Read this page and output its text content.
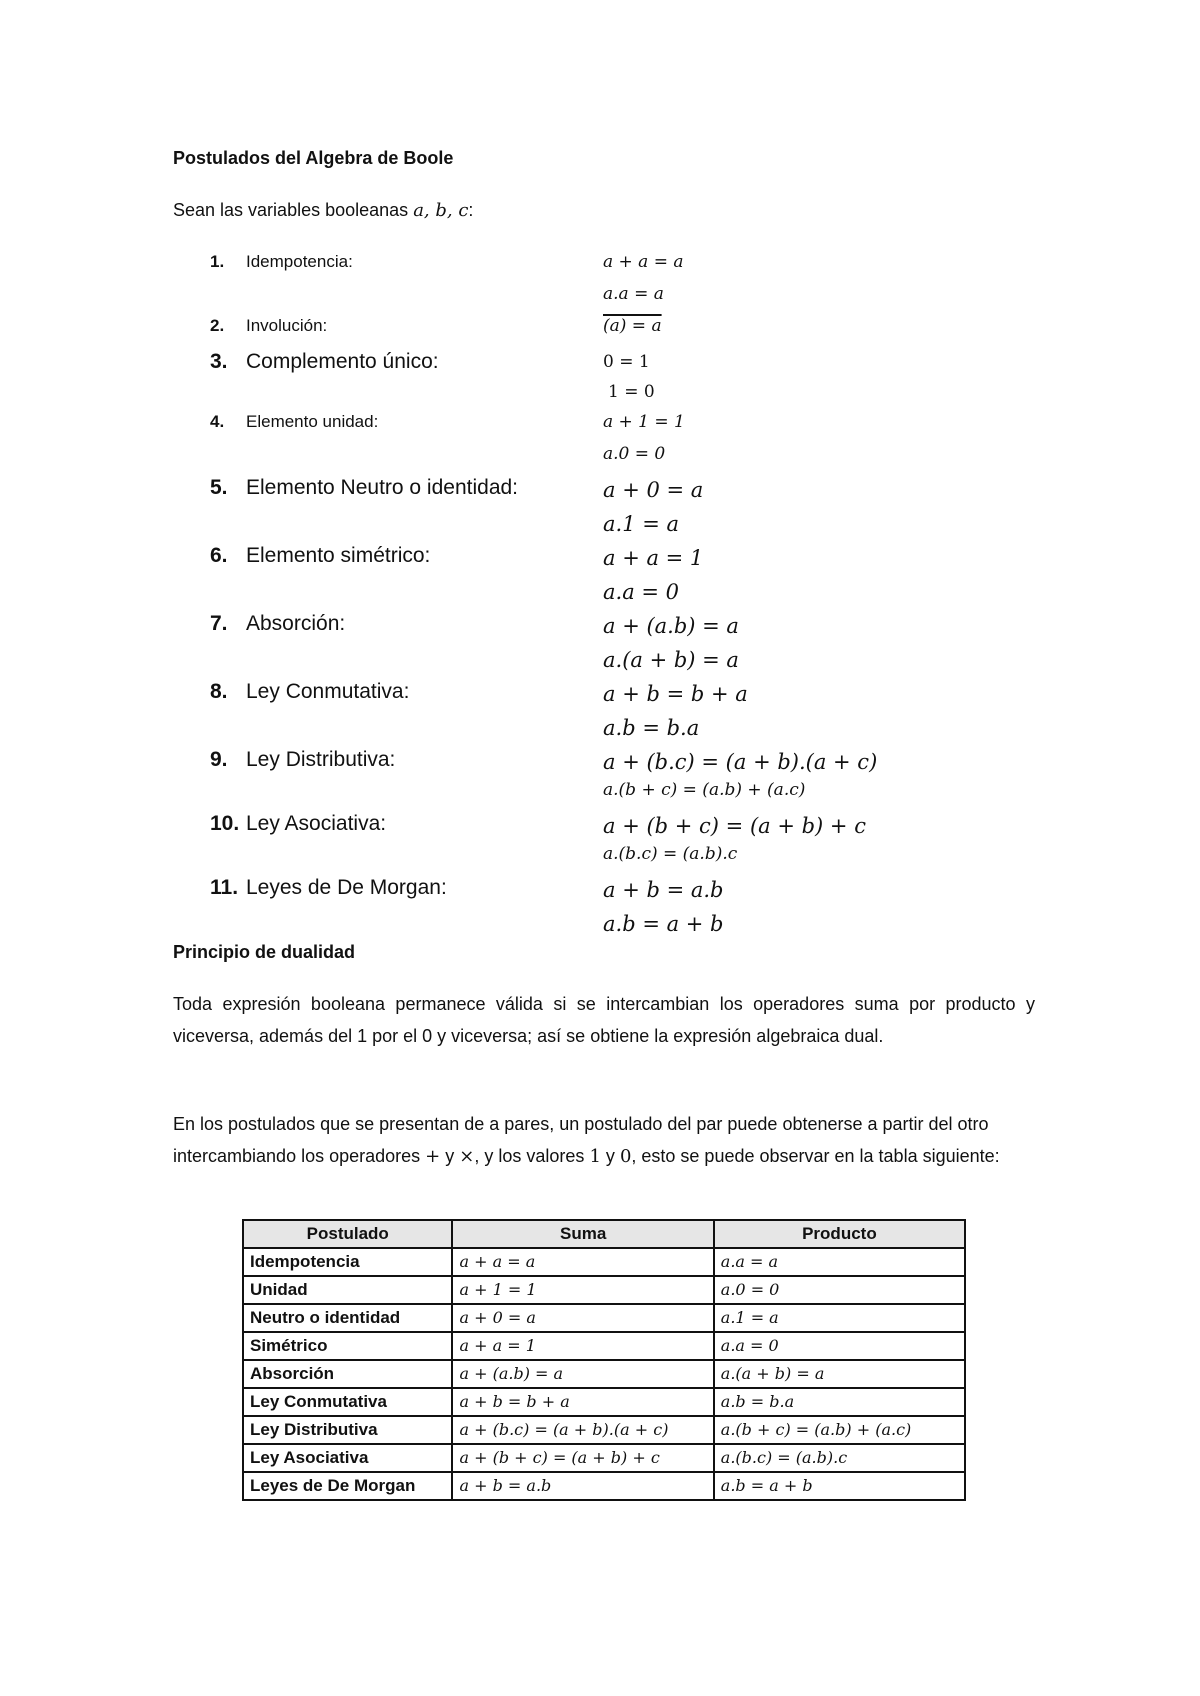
Postulados del Algebra de Boole
Sean las variables booleanas a, b, c:
1. Idempotencia:	a + a = a
a.a = a
2. Involución:	(a) = a
3. Complemento único:	0 = 1
1 = 0
4. Elemento unidad:	a + 1 = 1
a.0 = 0
5. Elemento Neutro o identidad:	a + 0 = a
a.1 = a
6. Elemento simétrico:	a + a = 1
a.a = 0
7. Absorción:	a + (a.b) = a
a.(a + b) = a
8. Ley Conmutativa:	a + b = b + a
a.b = b.a
9. Ley Distributiva:	a + (b.c) = (a + b).(a + c)
a.(b + c) = (a.b) + (a.c)
10. Ley Asociativa:	a + (b + c) = (a + b) + c
a.(b.c) = (a.b).c
11. Leyes de De Morgan:	a + b = a.b
a.b = a + b
Principio de dualidad
Toda expresión booleana permanece válida si se intercambian los operadores suma por producto y viceversa, además del 1 por el 0 y viceversa; así se obtiene la expresión algebraica dual.
En los postulados que se presentan de a pares, un postulado del par puede obtenerse a partir del otro intercambiando los operadores + y ×, y los valores 1 y 0, esto se puede observar en la tabla siguiente:
Postulado	Suma	Producto
Idempotencia	a + a = a	a.a = a
Unidad	a + 1 = 1	a.0 = 0
Neutro o identidad	a + 0 = a	a.1 = a
Simétrico	a + a = 1	a.a = 0
Absorción	a + (a.b) = a	a.(a + b) = a
Ley Conmutativa	a + b = b + a	a.b = b.a
Ley Distributiva	a + (b.c) = (a + b).(a + c)	a.(b + c) = (a.b) + (a.c)
Ley Asociativa	a + (b + c) = (a + b) + c	a.(b.c) = (a.b).c
Leyes de De Morgan	a + b = a.b	a.b = a + b
